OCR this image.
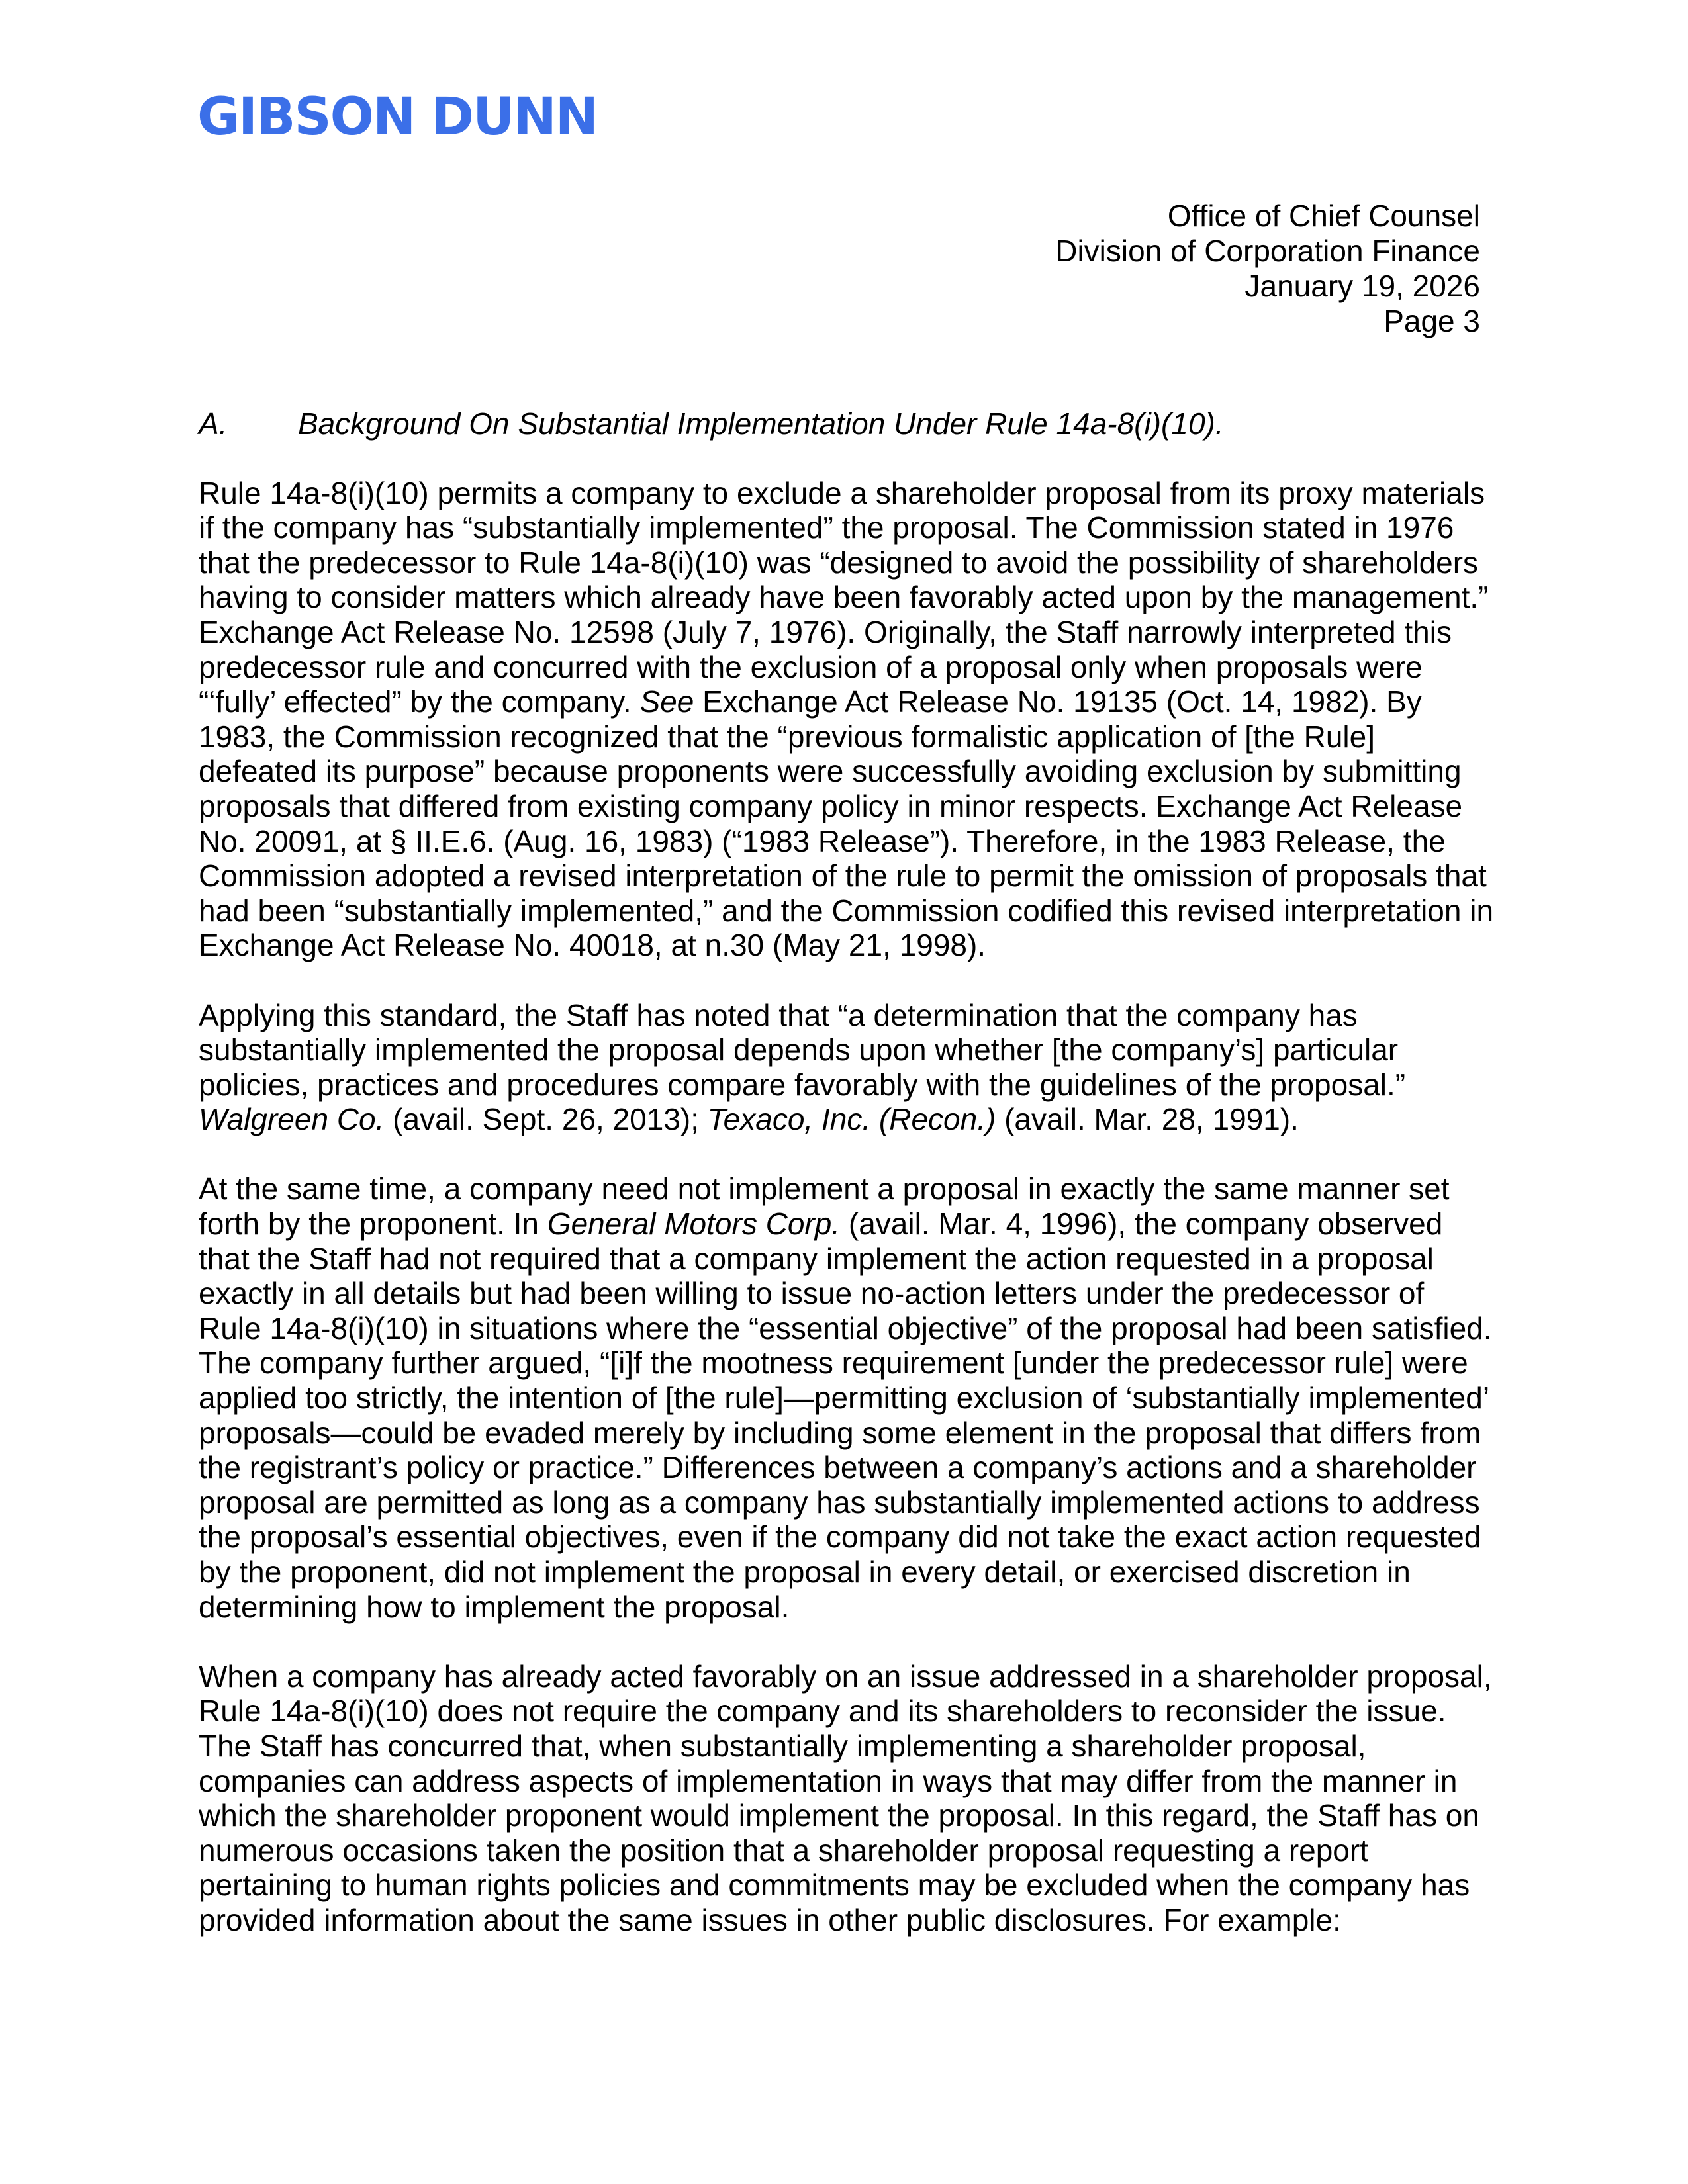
GIBSON DUNN
Office of Chief Counsel
Division of Corporation Finance
January 19, 2026
Page 3
A. Background On Substantial Implementation Under Rule 14a-8(i)(10).
Rule 14a-8(i)(10) permits a company to exclude a shareholder proposal from its proxy materials
if the company has “substantially implemented” the proposal. The Commission stated in 1976
that the predecessor to Rule 14a-8(i)(10) was “designed to avoid the possibility of shareholders
having to consider matters which already have been favorably acted upon by the management.”
Exchange Act Release No. 12598 (July 7, 1976). Originally, the Staff narrowly interpreted this
predecessor rule and concurred with the exclusion of a proposal only when proposals were
“‘fully’ effected” by the company. See Exchange Act Release No. 19135 (Oct. 14, 1982). By
1983, the Commission recognized that the “previous formalistic application of [the Rule]
defeated its purpose” because proponents were successfully avoiding exclusion by submitting
proposals that differed from existing company policy in minor respects. Exchange Act Release
No. 20091, at § II.E.6. (Aug. 16, 1983) (“1983 Release”). Therefore, in the 1983 Release, the
Commission adopted a revised interpretation of the rule to permit the omission of proposals that
had been “substantially implemented,” and the Commission codified this revised interpretation in
Exchange Act Release No. 40018, at n.30 (May 21, 1998).
Applying this standard, the Staff has noted that “a determination that the company has
substantially implemented the proposal depends upon whether [the company’s] particular
policies, practices and procedures compare favorably with the guidelines of the proposal.”
Walgreen Co. (avail. Sept. 26, 2013); Texaco, Inc. (Recon.) (avail. Mar. 28, 1991).
At the same time, a company need not implement a proposal in exactly the same manner set
forth by the proponent. In General Motors Corp. (avail. Mar. 4, 1996), the company observed
that the Staff had not required that a company implement the action requested in a proposal
exactly in all details but had been willing to issue no-action letters under the predecessor of
Rule 14a-8(i)(10) in situations where the “essential objective” of the proposal had been satisfied.
The company further argued, “[i]f the mootness requirement [under the predecessor rule] were
applied too strictly, the intention of [the rule]—permitting exclusion of ‘substantially implemented’
proposals—could be evaded merely by including some element in the proposal that differs from
the registrant’s policy or practice.” Differences between a company’s actions and a shareholder
proposal are permitted as long as a company has substantially implemented actions to address
the proposal’s essential objectives, even if the company did not take the exact action requested
by the proponent, did not implement the proposal in every detail, or exercised discretion in
determining how to implement the proposal.
When a company has already acted favorably on an issue addressed in a shareholder proposal,
Rule 14a-8(i)(10) does not require the company and its shareholders to reconsider the issue.
The Staff has concurred that, when substantially implementing a shareholder proposal,
companies can address aspects of implementation in ways that may differ from the manner in
which the shareholder proponent would implement the proposal. In this regard, the Staff has on
numerous occasions taken the position that a shareholder proposal requesting a report
pertaining to human rights policies and commitments may be excluded when the company has
provided information about the same issues in other public disclosures. For example:
